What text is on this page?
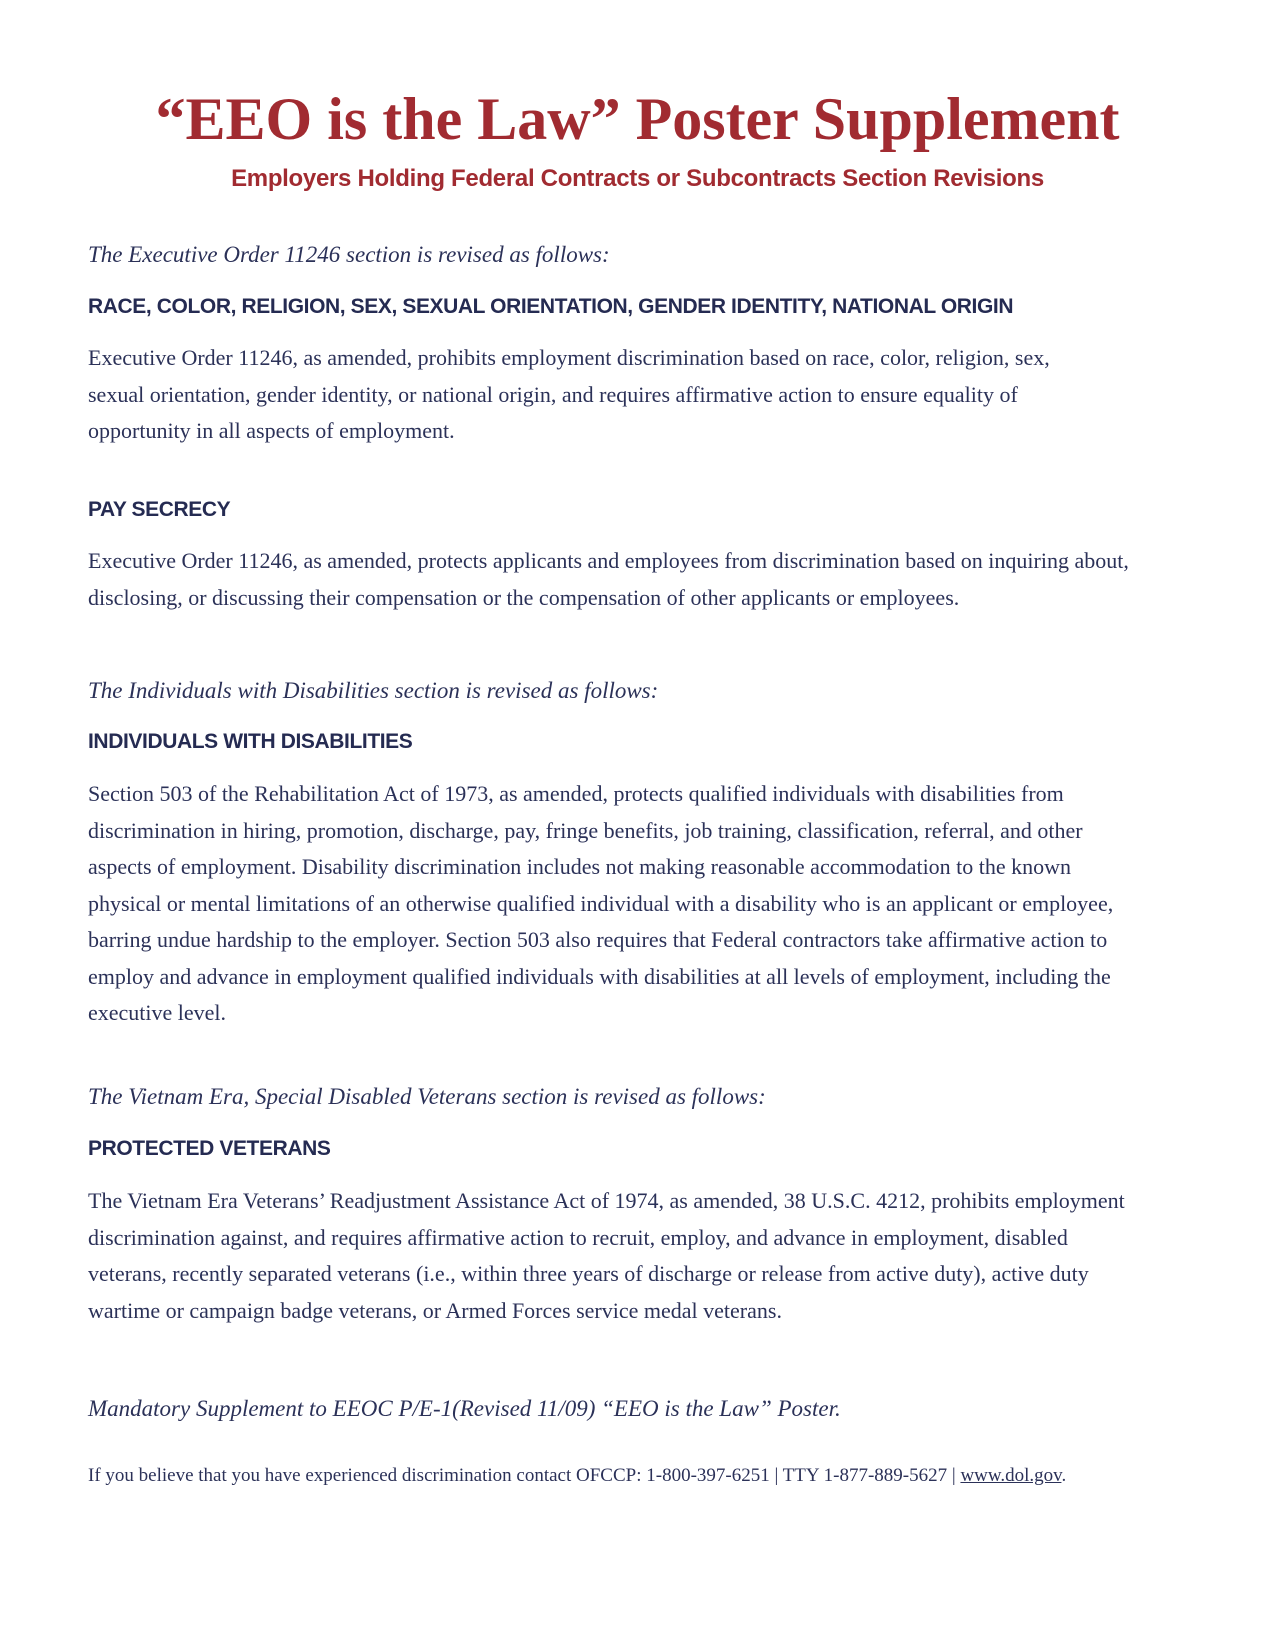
“EEO is the Law” Poster Supplement
Employers Holding Federal Contracts or Subcontracts Section Revisions

The Executive Order 11246 section is revised as follows:

RACE, COLOR, RELIGION, SEX, SEXUAL ORIENTATION, GENDER IDENTITY, NATIONAL ORIGIN

Executive Order 11246, as amended, prohibits employment discrimination based on race, color, religion, sex, sexual orientation, gender identity, or national origin, and requires affirmative action to ensure equality of opportunity in all aspects of employment.

PAY SECRECY

Executive Order 11246, as amended, protects applicants and employees from discrimination based on inquiring about, disclosing, or discussing their compensation or the compensation of other applicants or employees.

The Individuals with Disabilities section is revised as follows:

INDIVIDUALS WITH DISABILITIES

Section 503 of the Rehabilitation Act of 1973, as amended, protects qualified individuals with disabilities from discrimination in hiring, promotion, discharge, pay, fringe benefits, job training, classification, referral, and other aspects of employment. Disability discrimination includes not making reasonable accommodation to the known physical or mental limitations of an otherwise qualified individual with a disability who is an applicant or employee, barring undue hardship to the employer. Section 503 also requires that Federal contractors take affirmative action to employ and advance in employment qualified individuals with disabilities at all levels of employment, including the executive level.

The Vietnam Era, Special Disabled Veterans section is revised as follows:

PROTECTED VETERANS

The Vietnam Era Veterans’ Readjustment Assistance Act of 1974, as amended, 38 U.S.C. 4212, prohibits employment discrimination against, and requires affirmative action to recruit, employ, and advance in employment, disabled veterans, recently separated veterans (i.e., within three years of discharge or release from active duty), active duty wartime or campaign badge veterans, or Armed Forces service medal veterans.

Mandatory Supplement to EEOC P/E-1(Revised 11/09) “EEO is the Law” Poster.

If you believe that you have experienced discrimination contact OFCCP: 1-800-397-6251 | TTY 1-877-889-5627 | www.dol.gov.
